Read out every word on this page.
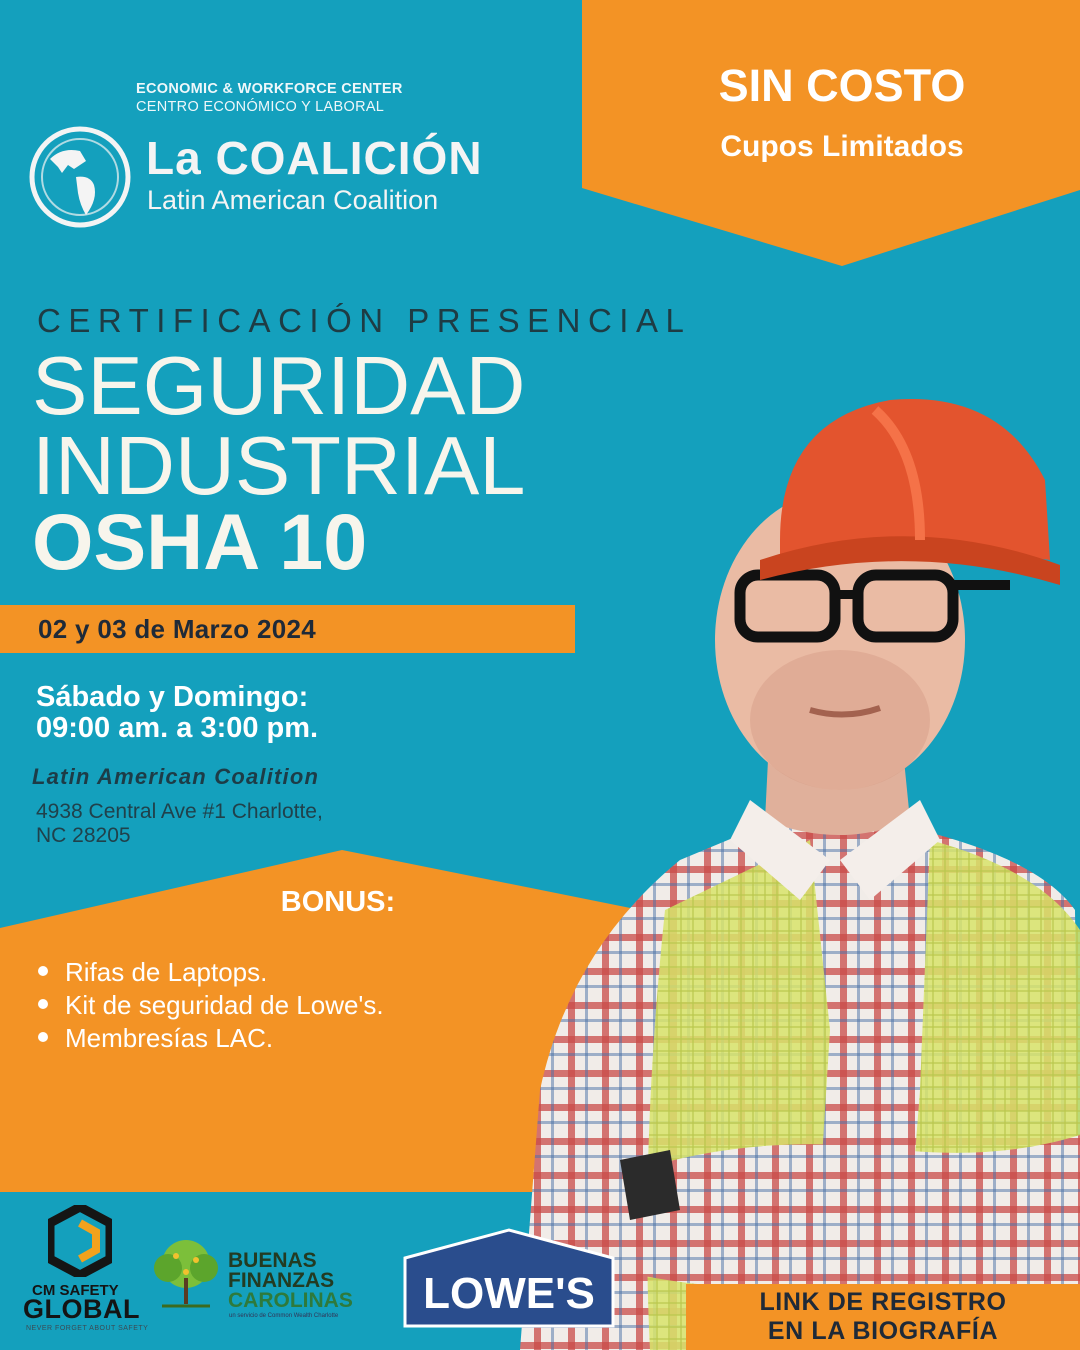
ECONOMIC & WORKFORCE CENTER
CENTRO ECONÓMICO Y LABORAL
La COALICIÓN
Latin American Coalition
SIN COSTO
Cupos Limitados
CERTIFICACIÓN PRESENCIAL
SEGURIDAD
INDUSTRIAL
OSHA 10
02 y 03 de Marzo 2024
Sábado y Domingo:
09:00 am. a 3:00 pm.
Latin American Coalition
4938 Central Ave #1 Charlotte,
NC 28205
BONUS:
Rifas de Laptops.
Kit de seguridad de Lowe's.
Membresías LAC.
CM SAFETY
GLOBAL
NEVER FORGET ABOUT SAFETY
BUENAS
FINANZAS
CAROLINAS
un servicio de Common Wealth Charlotte LOWE'S	LINK DE REGISTRO
EN LA BIOGRAFÍA
